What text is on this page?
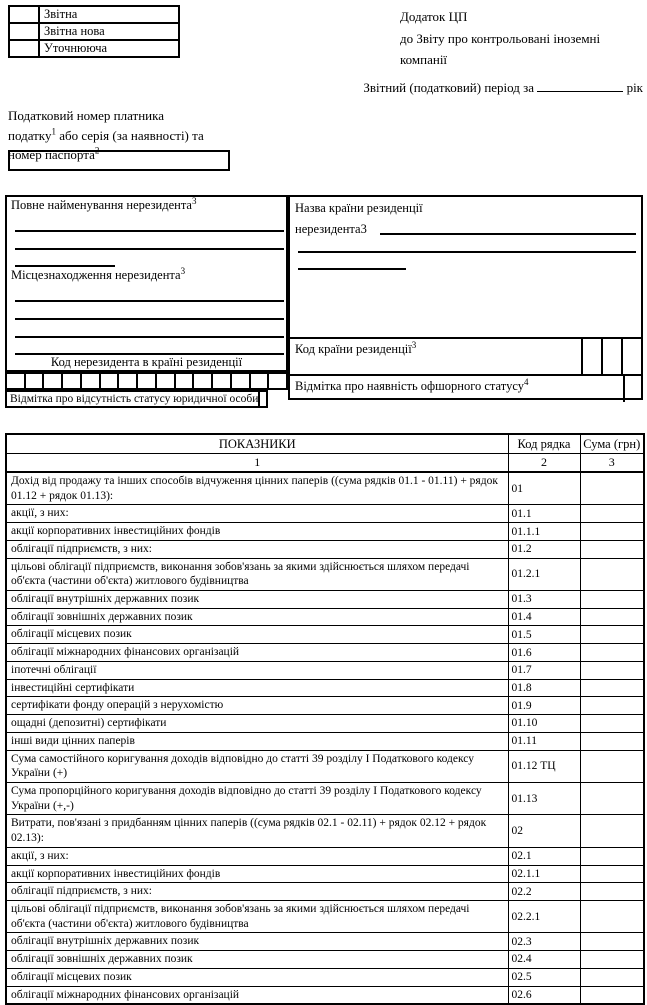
Звітна
Звітна нова
Уточнююча
Додаток ЦП
до Звіту про контрольовані іноземні
компанії
Звітний (податковий) період за	рік
Податковий номер платника
податку$^1$ або серія (за наявності) та
номер паспорта$^2$
Повне найменування нерезидента$^3$
Місцезнаходження нерезидента$^3$
Код нерезидента в країні резиденції
Відмітка про відсутність статусу юридичної особи
Назва країни резиденції
нерезидента3
Код країни резиденції$^3$
Відмітка про наявність офшорного статусу$^4$
ПОКАЗНИКИ	Код рядка	Сума (грн)
1	2	3
Дохід від продажу та інших способів відчуження цінних паперів ((сума рядків 01.1 - 01.11) + рядок 01.12 + рядок 01.13):	01	
акції, з них:	01.1	
акції корпоративних інвестиційних фондів	01.1.1	
облігації підприємств, з них:	01.2	
цільові облігації підприємств, виконання зобов'язань за якими здійснюється шляхом передачі об'єкта (частини об'єкта) житлового будівництва	01.2.1	
облігації внутрішніх державних позик	01.3	
облігації зовнішніх державних позик	01.4	
облігації місцевих позик	01.5	
облігації міжнародних фінансових організацій	01.6	
іпотечні облігації	01.7	
інвестиційні сертифікати	01.8	
сертифікати фонду операцій з нерухомістю	01.9	
ощадні (депозитні) сертифікати	01.10	
інші види цінних паперів	01.11	
Сума самостійного коригування доходів відповідно до статті 39 розділу I Податкового кодексу України (+)	01.12 ТЦ	
Сума пропорційного коригування доходів відповідно до статті 39 розділу I Податкового кодексу України (+,-)	01.13	
Витрати, пов'язані з придбанням цінних паперів ((сума рядків 02.1 - 02.11) + рядок 02.12 + рядок 02.13):	02	
акції, з них:	02.1	
акції корпоративних інвестиційних фондів	02.1.1	
облігації підприємств, з них:	02.2	
цільові облігації підприємств, виконання зобов'язань за якими здійснюється шляхом передачі об'єкта (частини об'єкта) житлового будівництва	02.2.1	
облігації внутрішніх державних позик	02.3	
облігації зовнішніх державних позик	02.4	
облігації місцевих позик	02.5	
облігації міжнародних фінансових організацій	02.6	
